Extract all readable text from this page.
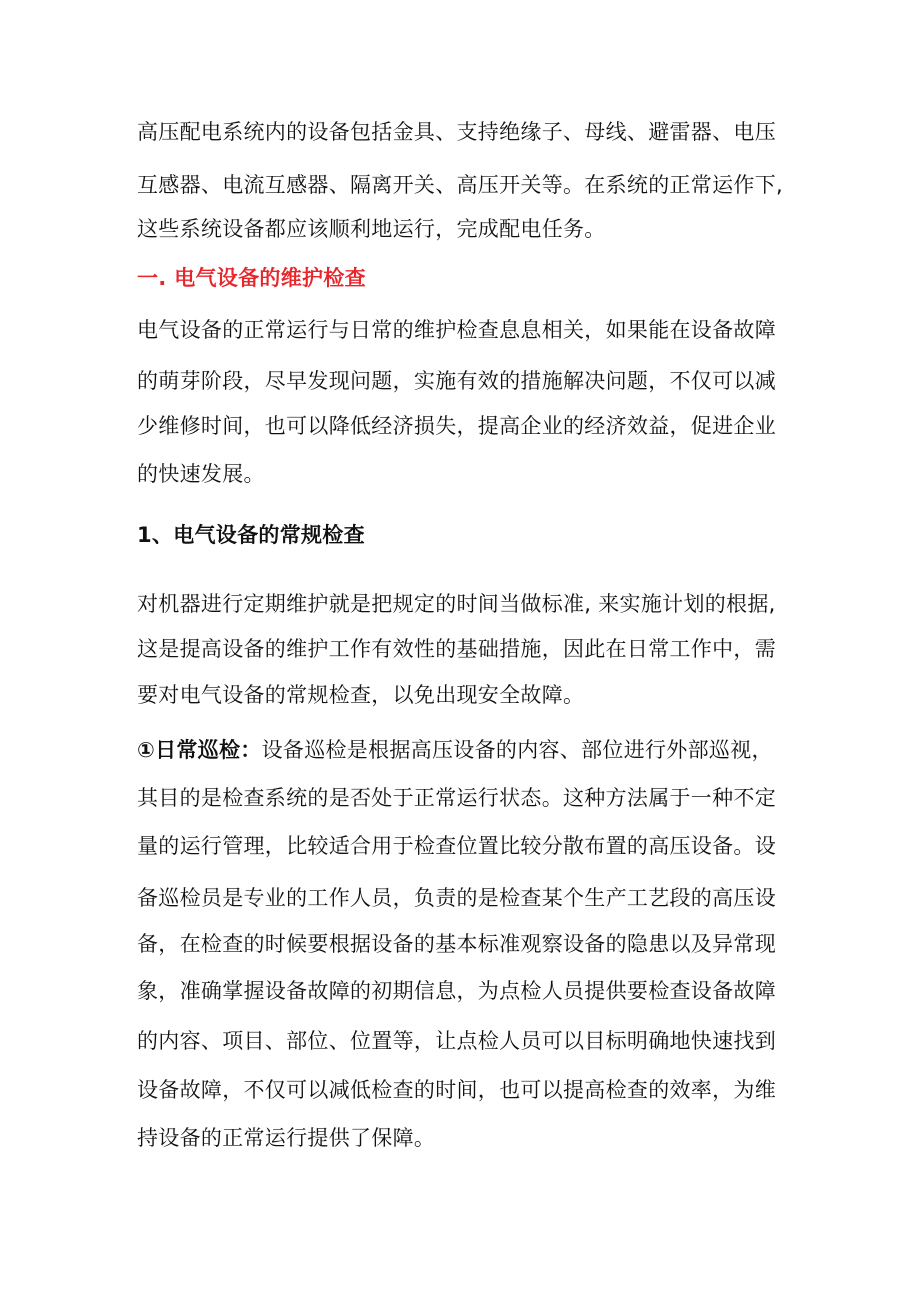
高压配电系统内的设备包括金具、支持绝缘子、母线、避雷器、电压
互感器、电流互感器、隔离开关、高压开关等。在系统的正常运作下,
这些系统设备都应该顺利地运行，完成配电任务。
一. 电气设备的维护检查
电气设备的正常运行与日常的维护检查息息相关，如果能在设备故障
的萌芽阶段，尽早发现问题，实施有效的措施解决问题，不仅可以减
少维修时间，也可以降低经济损失，提高企业的经济效益，促进企业
的快速发展。
1、电气设备的常规检查
对机器进行定期维护就是把规定的时间当做标准, 来实施计划的根据,
这是提高设备的维护工作有效性的基础措施，因此在日常工作中，需
要对电气设备的常规检查，以免出现安全故障。
①日常巡检：设备巡检是根据高压设备的内容、部位进行外部巡视，
其目的是检查系统的是否处于正常运行状态。这种方法属于一种不定
量的运行管理，比较适合用于检查位置比较分散布置的高压设备。设
备巡检员是专业的工作人员，负责的是检查某个生产工艺段的高压设
备，在检查的时候要根据设备的基本标准观察设备的隐患以及异常现
象，准确掌握设备故障的初期信息，为点检人员提供要检查设备故障
的内容、项目、部位、位置等，让点检人员可以目标明确地快速找到
设备故障，不仅可以减低检查的时间，也可以提高检查的效率，为维
持设备的正常运行提供了保障。
